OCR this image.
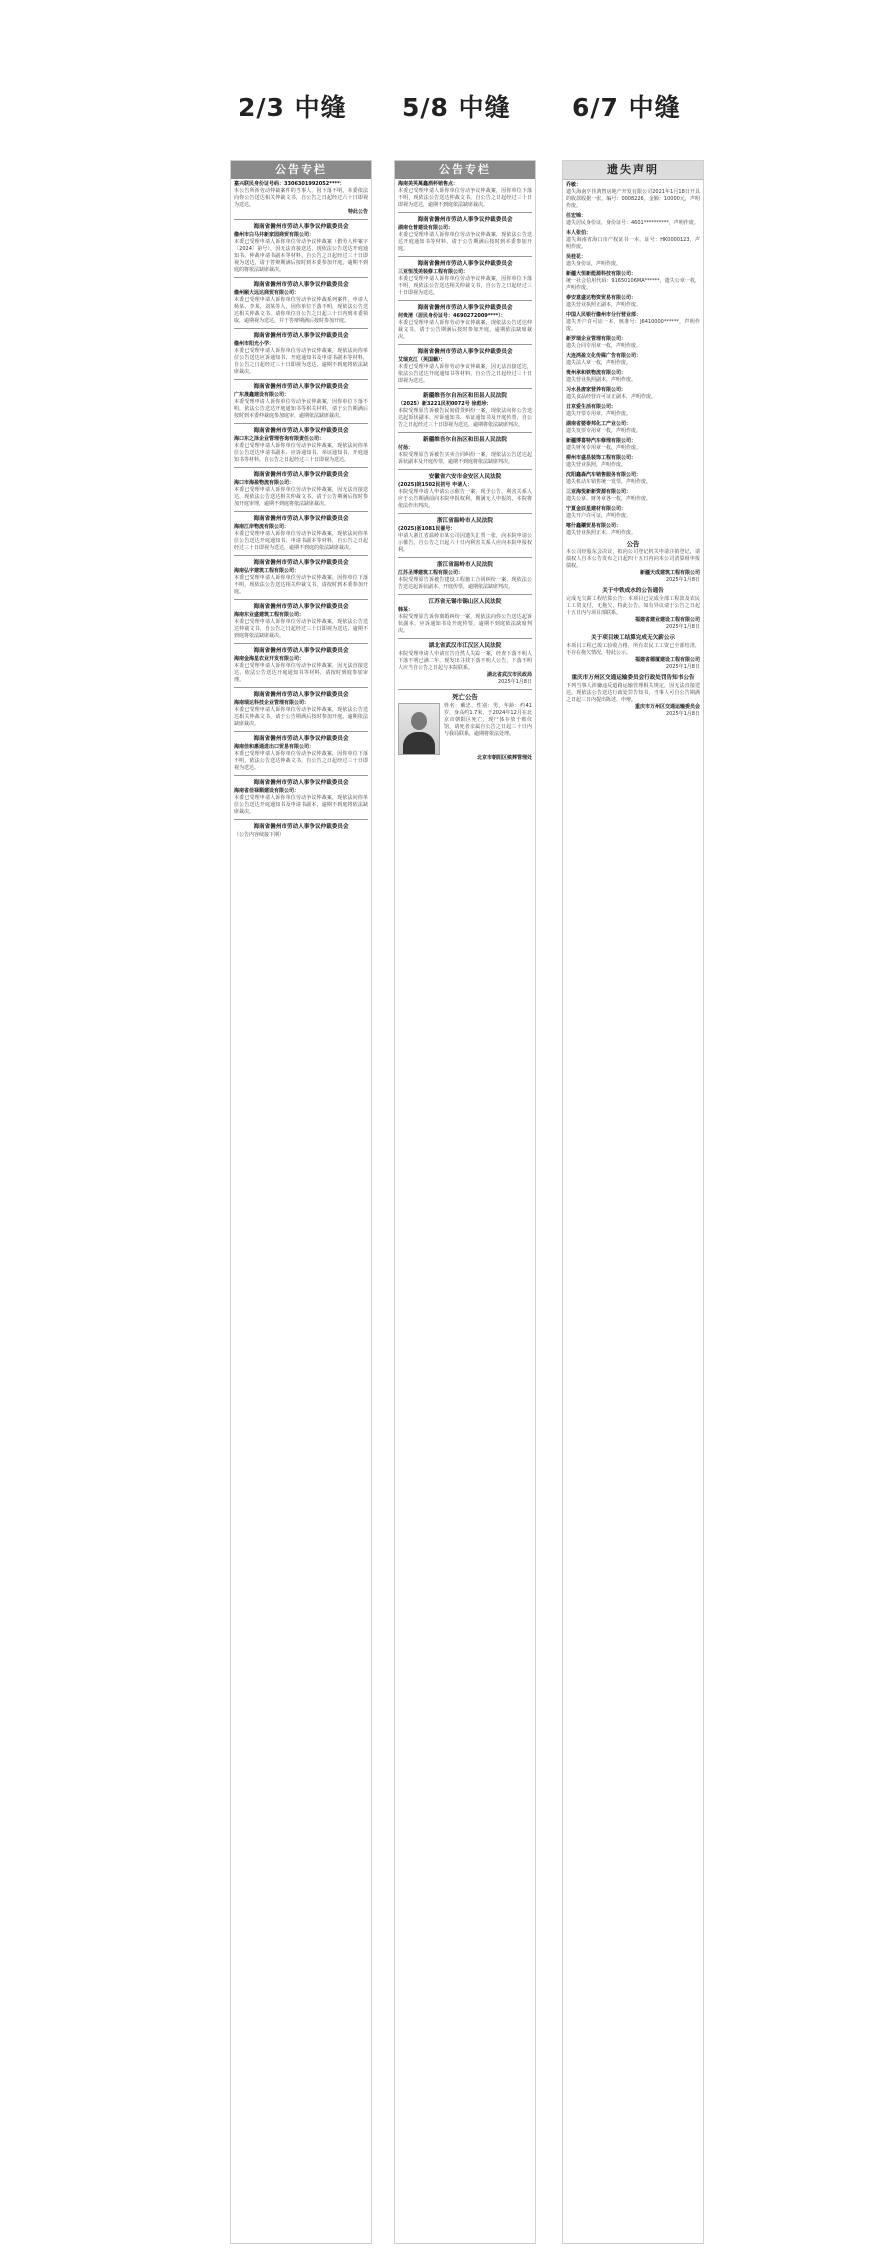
2/3 中缝 5/8 中缝 6/7 中缝
公告专栏
嘉兴联民身份证号码：3306301992052****：
本公告所涉劳动仲裁案件的当事人，因下落不明，本委依法向你公告送达相关仲裁文书，自公告之日起经过六十日即视为送达。
特此公告
海南省儋州市劳动人事争议仲裁委员会
儋州市白马井新家园商贸有限公司：
本委已受理申请人诉你单位劳动争议仲裁案（儋劳人仲案字〔2024〕第号），因无法直接送达，现依法公告送达开庭通知书、仲裁申请书副本等材料。自公告之日起经过三十日即视为送达，请于答辩期满后按时到本委参加开庭，逾期不到庭的将依法缺席裁决。
海南省儋州市劳动人事争议仲裁委员会
儋州颐大远达商贸有限公司：
本委已受理申请人诉你单位劳动争议仲裁系列案件，申请人杨某、李某、刘某等人，因你单位下落不明，现依法公告送达相关仲裁文书，请你单位自公告之日起三十日内到本委领取，逾期视为送达，并于答辩期满后按时参加开庭。
海南省儋州市劳动人事争议仲裁委员会
儋州市阳光小学：
本委已受理申请人诉你单位劳动争议仲裁案，现依法向你单位公告送达应诉通知书、开庭通知书及申请书副本等材料，自公告之日起经过三十日即视为送达，逾期不到庭将依法缺席裁决。
海南省儋州市劳动人事争议仲裁委员会
广东晟鑫建设有限公司：
本委受理申请人诉你单位劳动争议仲裁案，因你单位下落不明，依法公告送达开庭通知书等相关材料，请于公告期满后按时到本委仲裁庭参加庭审，逾期依法缺席裁决。
海南省儋州市劳动人事争议仲裁委员会
海口东之泽企业管理咨询有限责任公司：
本委已受理申请人诉你单位劳动争议仲裁案，现依法向你单位公告送达申请书副本、应诉通知书、举证通知书、开庭通知书等材料。自公告之日起经过三十日即视为送达。
海南省儋州市劳动人事争议仲裁委员会
海口市海盈物流有限公司：
本委已受理申请人诉你单位劳动争议仲裁案，因无法直接送达，现依法公告送达相关仲裁文书，请于公告期满后按时参加开庭审理，逾期不到庭将依法缺席裁决。
海南省儋州市劳动人事争议仲裁委员会
海南江岸物流有限公司：
本委已受理申请人诉你单位劳动争议仲裁案，现依法向你单位公告送达开庭通知书、申请书副本等材料，自公告之日起经过三十日即视为送达，逾期不到庭的依法缺席裁决。
海南省儋州市劳动人事争议仲裁委员会
海南弘宇建筑工程有限公司：
本委已受理申请人诉你单位劳动争议仲裁案，因你单位下落不明，现依法公告送达相关仲裁文书，请按时到本委参加开庭。
海南省儋州市劳动人事争议仲裁委员会
海南东业盛建筑工程有限公司：
本委已受理申请人诉你单位劳动争议仲裁案，现依法公告送达仲裁文书，自公告之日起经过三十日即视为送达，逾期不到庭将依法缺席裁决。
海南省儋州市劳动人事争议仲裁委员会
海南金海星农业开发有限公司：
本委已受理申请人诉你单位劳动争议仲裁案，因无法直接送达，依法公告送达开庭通知书等材料，请按时到庭参加审理。
海南省儋州市劳动人事争议仲裁委员会
海南瑞达科技企业管理有限公司：
本委已受理申请人诉你单位劳动争议仲裁案，现依法公告送达相关仲裁文书，请于公告期满后按时参加开庭，逾期依法缺席裁决。
海南省儋州市劳动人事争议仲裁委员会
海南佳和惠通进出口贸易有限公司：
本委已受理申请人诉你单位劳动争议仲裁案，因你单位下落不明，依法公告送达仲裁文书，自公告之日起经过三十日即视为送达。
海南省儋州市劳动人事争议仲裁委员会
海南省佳禄顺建设有限公司：
本委已受理申请人诉你单位劳动争议仲裁案，现依法向你单位公告送达开庭通知书及申请书副本，逾期不到庭将依法缺席裁决。
海南省儋州市劳动人事争议仲裁委员会
（公告内容续接下期）
公告专栏
海南美英萬鑫酒杯销售点：
本委已受理申请人诉你单位劳动争议仲裁案，因你单位下落不明，现依法公告送达仲裁文书，自公告之日起经过三十日即视为送达，逾期不到庭依法缺席裁决。
海南省儋州市劳动人事争议仲裁委员会
湖南仓普建设有限公司：
本委已受理申请人诉你单位劳动争议仲裁案，现依法公告送达开庭通知书等材料，请于公告期满后按时到本委参加开庭。
海南省儋州市劳动人事争议仲裁委员会
三亚恒茂美装修工程有限公司：
本委已受理申请人诉你单位劳动争议仲裁案，因你单位下落不明，现依法公告送达相关仲裁文书，自公告之日起经过三十日即视为送达。
海南省儋州市劳动人事争议仲裁委员会
何贵清（居民身份证号：4690272009****）：
本委已受理申请人诉你劳动争议仲裁案，现依法公告送达仲裁文书，请于公告期满后按时参加开庭，逾期依法缺席裁决。
海南省儋州市劳动人事争议仲裁委员会
艾瑞克江（英国籍）：
本委已受理申请人诉你劳动争议仲裁案，因无法直接送达，依法公告送达开庭通知书等材料，自公告之日起经过三十日即视为送达。
新疆维吾尔自治区和田县人民法院
（2025）新3221民初0072号 徐彪珍：
本院受理原告诉被告民间借贷纠纷一案，现依法向你公告送达起诉状副本、应诉通知书、举证通知书及开庭传票，自公告之日起经过三十日即视为送达，逾期将依法缺席判决。
新疆维吾尔自治区和田县人民法院
付扬：
本院受理原告诉被告买卖合同纠纷一案，现依法公告送达起诉状副本及开庭传票，逾期不到庭将依法缺席判决。
安徽省六安市金安区人民法院
(2025)皖1502民初号 申请人：
本院受理申请人申请公示催告一案，现予公告，利害关系人应于公告期满前向本院申报权利，期满无人申报的，本院将依法作出判决。
浙江省温岭市人民法院
(2025)浙1081民催号：
申请人浙江省温岭市某公司因遗失汇票一张，向本院申请公示催告，自公告之日起六十日内利害关系人应向本院申报权利。
浙江省温岭市人民法院
江苏圣博建筑工程有限公司：
本院受理原告诉被告建设工程施工合同纠纷一案，现依法公告送达起诉状副本、开庭传票，逾期依法缺席判决。
江苏省无锡市锡山区人民法院
韩某：
本院受理原告诉你离婚纠纷一案，现依法向你公告送达起诉状副本、应诉通知书及开庭传票，逾期不到庭依法缺席判决。
湖北省武汉市江汉区人民法院
本院受理申请人申请宣告自然人失踪一案，经查下落不明人下落不明已满二年，现发出寻找下落不明人公告，下落不明人应当自公告之日起与本院联系。
湖北省武汉市民政局
2025年1月8日
死亡公告
姓名：戴忠，性别：男，年龄：约41岁，身高约1.7米，于2024年12月在北京市朝阳区死亡，现尸体存放于殡仪馆，请死者亲属自公告之日起三十日内与我局联系，逾期将依法处理。
北京市朝阳区殡葬管理处
遗失声明
乔敏：
遗失海南亨佳鸿智房地产开发有限公司2021年1月18日开具的收款收据一张，编号：0008226，金额：10000元，声明作废。
任宏锦：
遗失居民身份证，身份证号：4601**********，声明作废。
本人张伯：
遗失海南省海口市产权证书一本，证号：HK0000123，声明作废。
吴桂花：
遗失身份证，声明作废。
新疆大恒新能源科技有限公司：
统一社会信用代码：91650106MA******，遗失公章一枚，声明作废。
泰安意盛达物资贸易有限公司：
遗失营业执照正副本，声明作废。
中国人民银行儋州市分行营业部：
遗失开户许可证一本，核准号：J6410000******，声明作废。
新罗瑞企业管理有限公司：
遗失合同专用章一枚，声明作废。
大连鸿盈文化传媒广告有限公司：
遗失法人章一枚，声明作废。
贵州承和铁物流有限公司：
遗失营业执照副本，声明作废。
习水县唐家营养有限公司：
遗失食品经营许可证正副本，声明作废。
日京爱生活有限公司：
遗失开票专用章，声明作废。
湖南省婆泰邦化工产业公司：
遗失发票专用章一枚，声明作废。
新疆博喜特汽车修理有限公司：
遗失财务专用章一枚，声明作废。
柳州市盛昌装饰工程有限公司：
遗失营业执照，声明作废。
沈阳鑫森汽车销售服务有限公司：
遗失机动车销售统一发票，声明作废。
三亚海悦新新资源有限公司：
遗失公章、财务章各一枚，声明作废。
宁夏金辰星建材有限公司：
遗失开户许可证，声明作废。
喀什鑫穰贸易有限公司：
遗失营业执照正本，声明作废。
公告
本公司经股东会决议，拟向公司登记机关申请注销登记，请债权人自本公告发布之日起四十五日内向本公司清算组申报债权。
新疆天成建筑工程有限公司
2025年1月8日
关于中铁成水的公告通告
完成无欠薪工程结算公告：本项目已完成全部工程款及农民工工资支付，无拖欠，特此公告。如有异议请于公告之日起十五日内与项目部联系。
福建省建业建设工程有限公司
2025年1月8日
关于项目竣工结算完成无欠薪公示
本项目工程已竣工验收合格，所有农民工工资已全部结清，不存在拖欠情况，特此公示。
福建省德厦建设工程有限公司
2025年1月8日
重庆市万州区交通运输委员会行政处罚告知书公告
下列当事人涉嫌违反道路运输管理相关规定，因无法直接送达，现依法公告送达行政处罚告知书，当事人可自公告期满之日起三日内提出陈述、申辩。
重庆市万州区交通运输委员会
2025年1月8日
